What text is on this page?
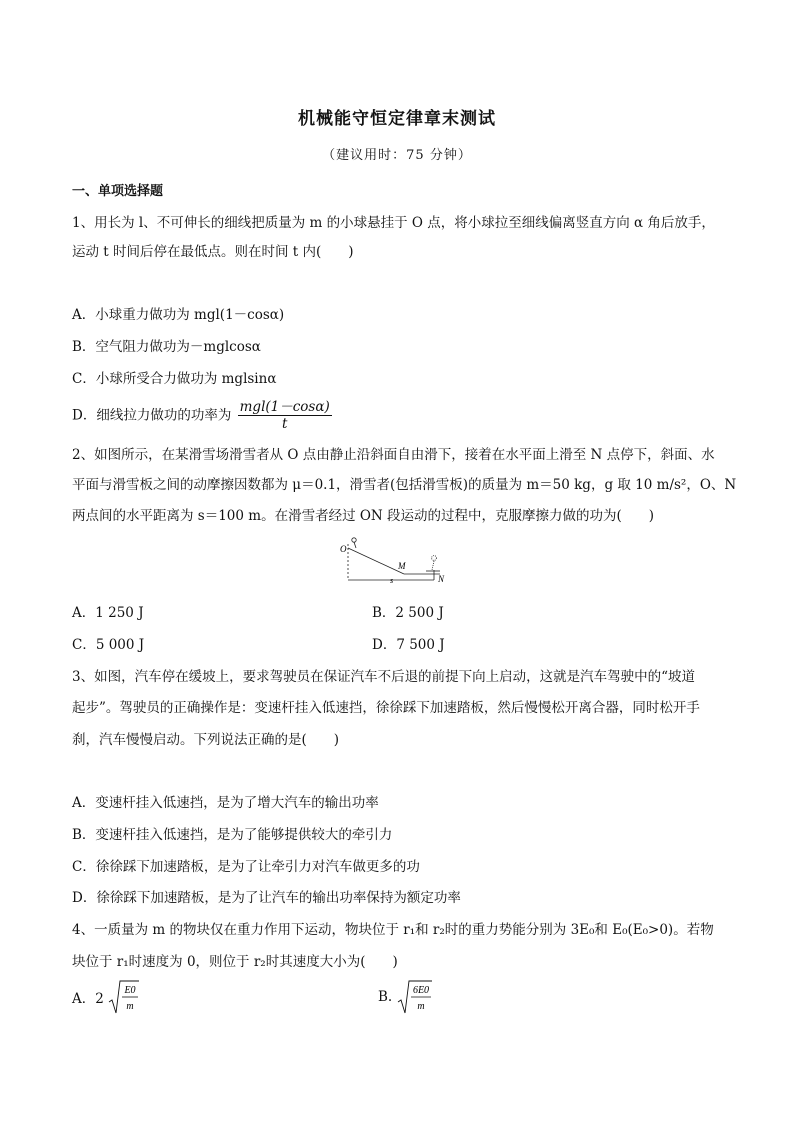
机械能守恒定律章末测试
（建议用时：75 分钟）
一、单项选择题
1、用长为 l、不可伸长的细线把质量为 m 的小球悬挂于 O 点，将小球拉至细线偏离竖直方向 α 角后放手，
运动 t 时间后停在最低点。则在时间 t 内(　　)
A．小球重力做功为 mgl(1－cosα)
B．空气阻力做功为－mglcosα
C．小球所受合力做功为 mglsinα
D．细线拉力做功的功率为 $\frac{\text{mgl(1－cosα)}}{t}$
2、如图所示，在某滑雪场滑雪者从 O 点由静止沿斜面自由滑下，接着在水平面上滑至 N 点停下，斜面、水
平面与滑雪板之间的动摩擦因数都为 μ＝0.1，滑雪者(包括滑雪板)的质量为 m＝50 kg，g 取 10 m/s²，O、N
两点间的水平距离为 s＝100 m。在滑雪者经过 ON 段运动的过程中，克服摩擦力做的功为(　　)
O
M
s	N
A．1 250 J	B．2 500 J
C．5 000 J	D．7 500 J
3、如图，汽车停在缓坡上，要求驾驶员在保证汽车不后退的前提下向上启动，这就是汽车驾驶中的“坡道
起步”。驾驶员的正确操作是：变速杆挂入低速挡，徐徐踩下加速踏板，然后慢慢松开离合器，同时松开手
刹，汽车慢慢启动。下列说法正确的是(　　)
A．变速杆挂入低速挡，是为了增大汽车的输出功率
B．变速杆挂入低速挡，是为了能够提供较大的牵引力
C．徐徐踩下加速踏板，是为了让牵引力对汽车做更多的功
D．徐徐踩下加速踏板，是为了让汽车的输出功率保持为额定功率
4、一质量为 m 的物块仅在重力作用下运动，物块位于 r₁和 r₂时的重力势能分别为 3E₀和 E₀(E₀>0)。若物
块位于 r₁时速度为 0，则位于 r₂时其速度大小为(　　)
A．2
E0
m
B. 6E0
m
